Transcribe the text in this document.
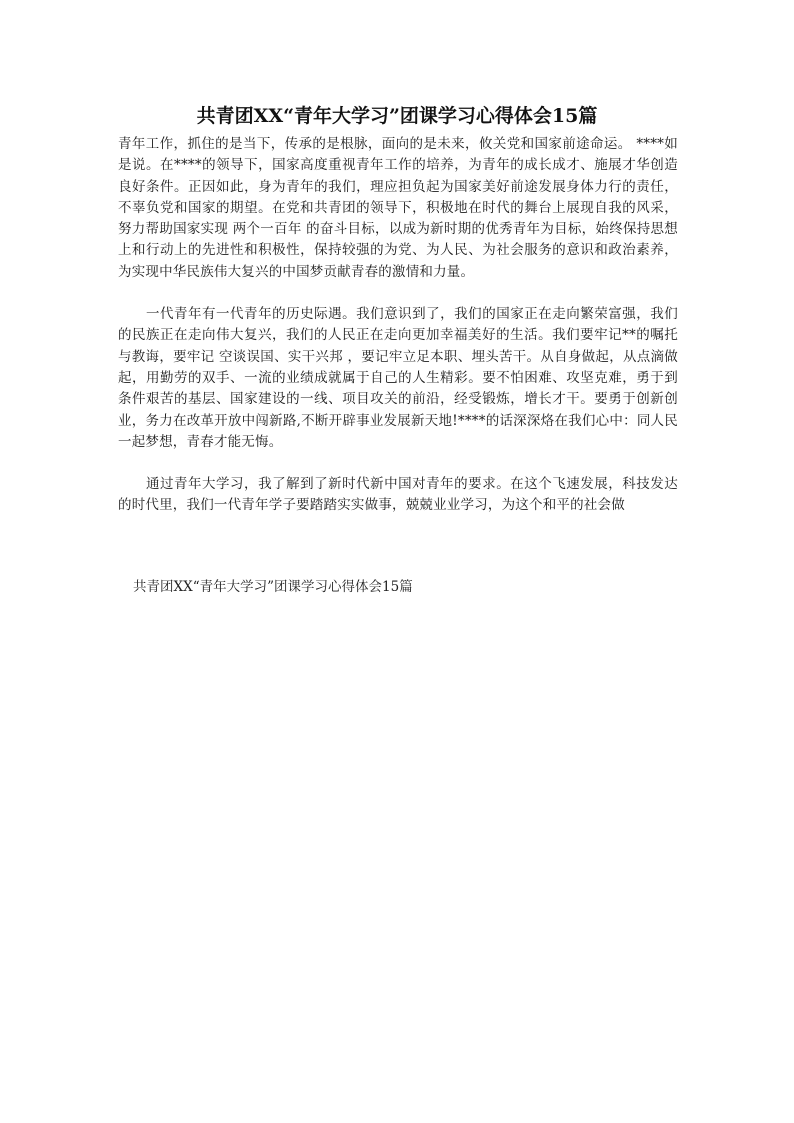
共青团XX“青年大学习”团课学习心得体会15篇

青年工作，抓住的是当下，传承的是根脉，面向的是未来，攸关党和国家前途命运。 ****如是说。在****的领导下，国家高度重视青年工作的培养，为青年的成长成才、施展才华创造良好条件。正因如此，身为青年的我们，理应担负起为国家美好前途发展身体力行的责任，不辜负党和国家的期望。在党和共青团的领导下，积极地在时代的舞台上展现自我的风采，努力帮助国家实现 两个一百年 的奋斗目标，以成为新时期的优秀青年为目标，始终保持思想上和行动上的先进性和积极性，保持较强的为党、为人民、为社会服务的意识和政治素养，为实现中华民族伟大复兴的中国梦贡献青春的激情和力量。

一代青年有一代青年的历史际遇。我们意识到了，我们的国家正在走向繁荣富强，我们的民族正在走向伟大复兴，我们的人民正在走向更加幸福美好的生活。我们要牢记**的嘱托与教诲，要牢记 空谈误国、实干兴邦 ，要记牢立足本职、埋头苦干。从自身做起，从点滴做起，用勤劳的双手、一流的业绩成就属于自己的人生精彩。要不怕困难、攻坚克难，勇于到条件艰苦的基层、国家建设的一线、项目攻关的前沿，经受锻炼，增长才干。要勇于创新创业，务力在改革开放中闯新路,不断开辟事业发展新天地!****的话深深烙在我们心中：同人民一起梦想，青春才能无悔。

通过青年大学习，我了解到了新时代新中国对青年的要求。在这个飞速发展，科技发达的时代里，我们一代青年学子要踏踏实实做事，兢兢业业学习，为这个和平的社会做

共青团XX“青年大学习”团课学习心得体会15篇
